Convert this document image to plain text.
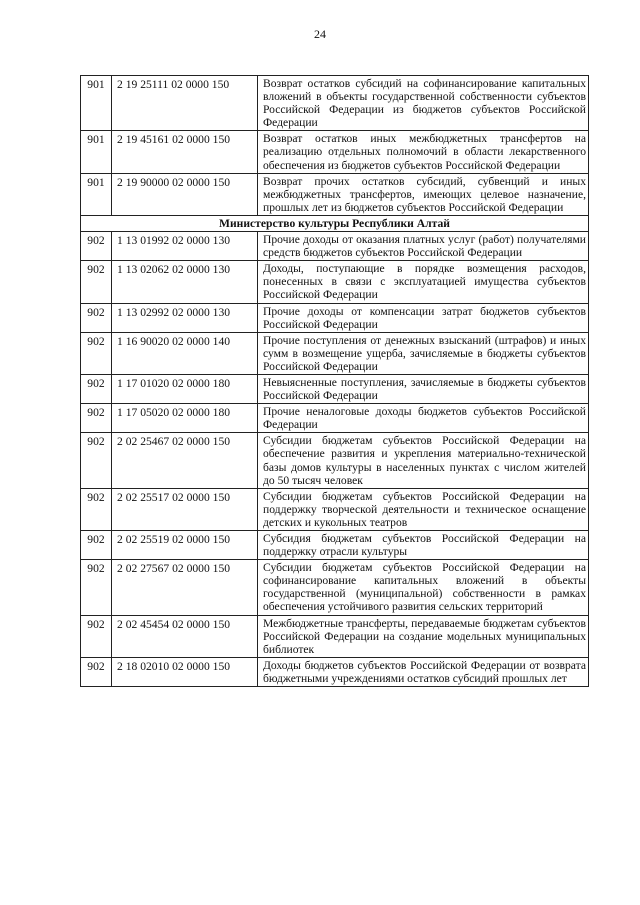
24
901	2 19 25111 02 0000 150	Возврат остатков субсидий на софинансирование капитальных вложений в объекты государственной собственности субъектов Российской Федерации из бюджетов субъектов Российской Федерации
901	2 19 45161 02 0000 150	Возврат остатков иных межбюджетных трансфертов на реализацию отдельных полномочий в области лекарственного обеспечения из бюджетов субъектов Российской Федерации
901	2 19 90000 02 0000 150	Возврат прочих остатков субсидий, субвенций и иных межбюджетных трансфертов, имеющих целевое назначение, прошлых лет из бюджетов субъектов Российской Федерации
Министерство культуры Республики Алтай		
902	1 13 01992 02 0000 130	Прочие доходы от оказания платных услуг (работ) получателями средств бюджетов субъектов Российской Федерации
902	1 13 02062 02 0000 130	Доходы, поступающие в порядке возмещения расходов, понесенных в связи с эксплуатацией имущества субъектов Российской Федерации
902	1 13 02992 02 0000 130	Прочие доходы от компенсации затрат бюджетов субъектов Российской Федерации
902	1 16 90020 02 0000 140	Прочие поступления от денежных взысканий (штрафов) и иных сумм в возмещение ущерба, зачисляемые в бюджеты субъектов Российской Федерации
902	1 17 01020 02 0000 180	Невыясненные поступления, зачисляемые в бюджеты субъектов Российской Федерации
902	1 17 05020 02 0000 180	Прочие неналоговые доходы бюджетов субъектов Российской Федерации
902	2 02 25467 02 0000 150	Субсидии бюджетам субъектов Российской Федерации на обеспечение развития и укрепления материально-технической базы домов культуры в населенных пунктах с числом жителей до 50 тысяч человек
902	2 02 25517 02 0000 150	Субсидии бюджетам субъектов Российской Федерации на поддержку творческой деятельности и техническое оснащение детских и кукольных театров
902	2 02 25519 02 0000 150	Субсидия бюджетам субъектов Российской Федерации на поддержку отрасли культуры
902	2 02 27567 02 0000 150	Субсидии бюджетам субъектов Российской Федерации на софинансирование капитальных вложений в объекты государственной (муниципальной) собственности в рамках обеспечения устойчивого развития сельских территорий
902	2 02 45454 02 0000 150	Межбюджетные трансферты, передаваемые бюджетам субъектов Российской Федерации на создание модельных муниципальных библиотек
902	2 18 02010 02 0000 150	Доходы бюджетов субъектов Российской Федерации от возврата бюджетными учреждениями остатков субсидий прошлых лет
